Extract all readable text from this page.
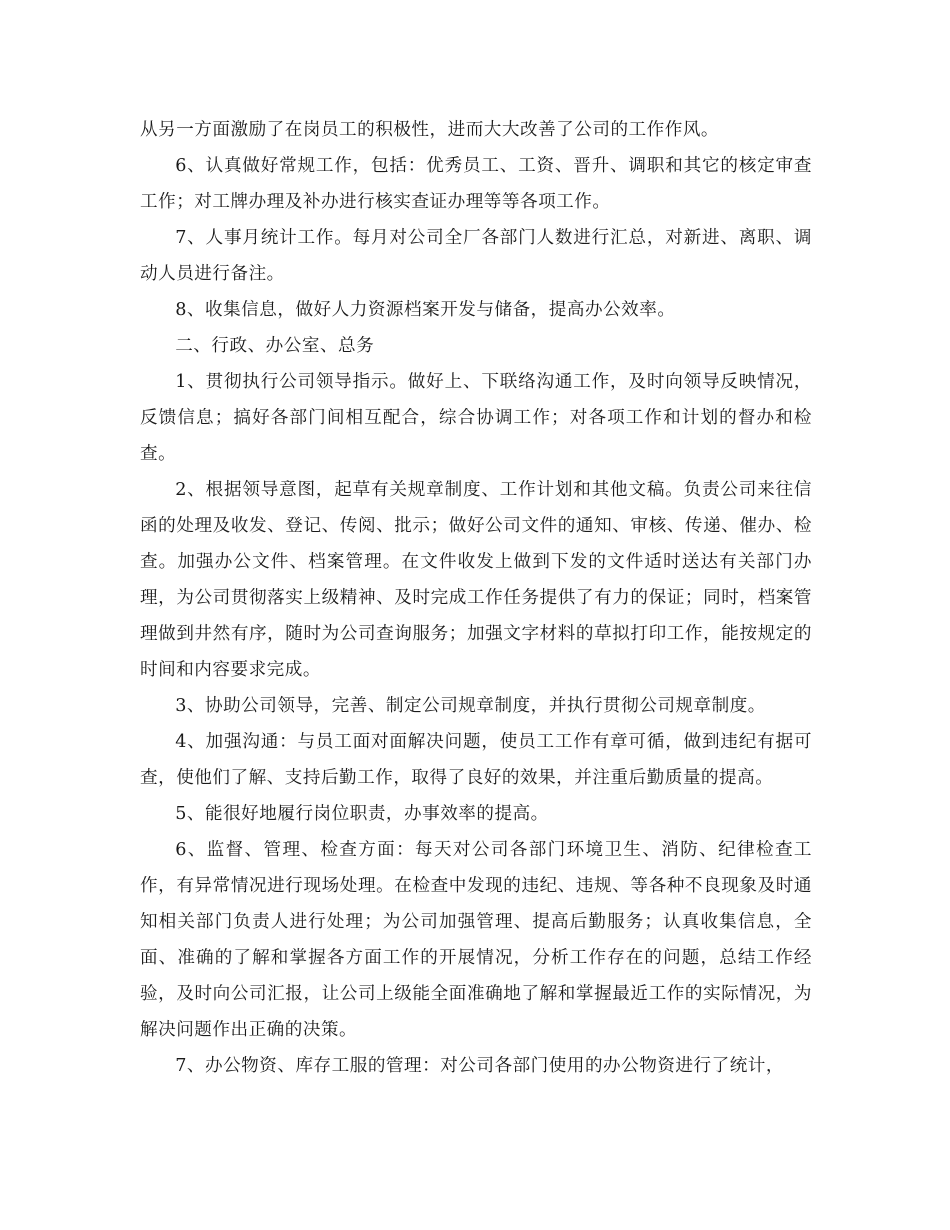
从另一方面激励了在岗员工的积极性，进而大大改善了公司的工作作风。

6、认真做好常规工作，包括：优秀员工、工资、晋升、调职和其它的核定审查工作；对工牌办理及补办进行核实查证办理等等各项工作。

7、人事月统计工作。每月对公司全厂各部门人数进行汇总，对新进、离职、调动人员进行备注。

8、收集信息，做好人力资源档案开发与储备，提高办公效率。

二、行政、办公室、总务

1、贯彻执行公司领导指示。做好上、下联络沟通工作，及时向领导反映情况，反馈信息；搞好各部门间相互配合，综合协调工作；对各项工作和计划的督办和检查。

2、根据领导意图，起草有关规章制度、工作计划和其他文稿。负责公司来往信函的处理及收发、登记、传阅、批示；做好公司文件的通知、审核、传递、催办、检查。加强办公文件、档案管理。在文件收发上做到下发的文件适时送达有关部门办理，为公司贯彻落实上级精神、及时完成工作任务提供了有力的保证；同时，档案管理做到井然有序，随时为公司查询服务；加强文字材料的草拟打印工作，能按规定的时间和内容要求完成。

3、协助公司领导，完善、制定公司规章制度，并执行贯彻公司规章制度。

4、加强沟通：与员工面对面解决问题，使员工工作有章可循，做到违纪有据可查，使他们了解、支持后勤工作，取得了良好的效果，并注重后勤质量的提高。

5、能很好地履行岗位职责，办事效率的提高。

6、监督、管理、检查方面：每天对公司各部门环境卫生、消防、纪律检查工作，有异常情况进行现场处理。在检查中发现的违纪、违规、等各种不良现象及时通知相关部门负责人进行处理；为公司加强管理、提高后勤服务；认真收集信息，全面、准确的了解和掌握各方面工作的开展情况，分析工作存在的问题，总结工作经验，及时向公司汇报，让公司上级能全面准确地了解和掌握最近工作的实际情况，为解决问题作出正确的决策。

7、办公物资、库存工服的管理：对公司各部门使用的办公物资进行了统计，
